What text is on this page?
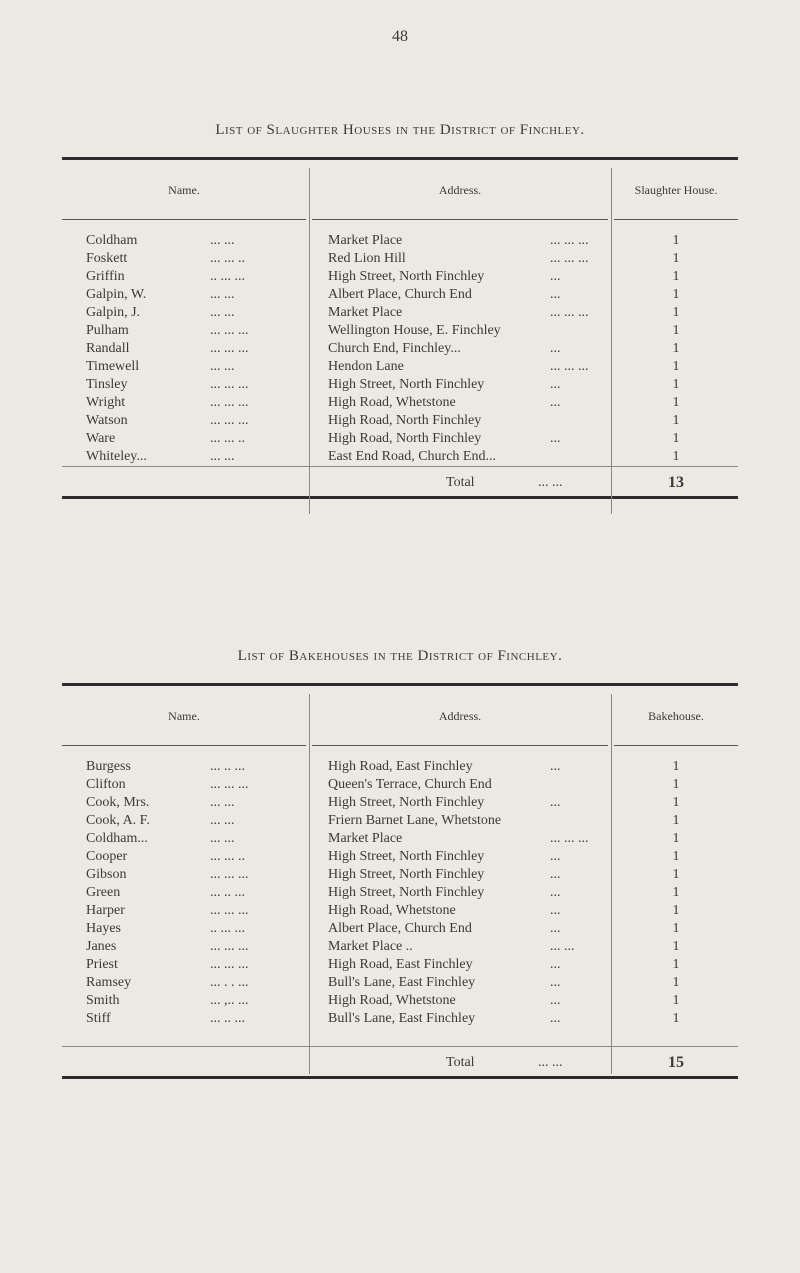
48
List of Slaughter Houses in the District of Finchley.
Name.	Address.	Slaughter House.
Coldham	... ...	Market Place	... ... ...	1
Foskett	... ... ..	Red Lion Hill	... ... ...	1
Griffin	.. ... ...	High Street, North Finchley	...	1
Galpin, W.	... ...	Albert Place, Church End	...	1
Galpin, J.	... ...	Market Place	... ... ...	1
Pulham	... ... ...	Wellington House, E. Finchley	1
Randall	... ... ...	Church End, Finchley...	...	1
Timewell	... ...	Hendon Lane	... ... ...	1
Tinsley	... ... ...	High Street, North Finchley	...	1
Wright	... ... ...	High Road, Whetstone	...	1
Watson	... ... ...	High Road, North Finchley	1
Ware	... ... ..	High Road, North Finchley	...	1
Whiteley...	... ...	East End Road, Church End...	1
Total	... ...	13
List of Bakehouses in the District of Finchley.
Name.	Address.	Bakehouse.
Burgess	... .. ...	High Road, East Finchley	...	1
Clifton	... ... ...	Queen's Terrace, Church End	1
Cook, Mrs.	... ...	High Street, North Finchley	...	1
Cook, A. F.	... ...	Friern Barnet Lane, Whetstone	1
Coldham...	... ...	Market Place	... ... ...	1
Cooper	... ... ..	High Street, North Finchley	...	1
Gibson	... ... ...	High Street, North Finchley	...	1
Green	... .. ...	High Street, North Finchley	...	1
Harper	... ... ...	High Road, Whetstone	...	1
Hayes	.. ... ...	Albert Place, Church End	...	1
Janes	... ... ...	Market Place ..	... ...	1
Priest	... ... ...	High Road, East Finchley	...	1
Ramsey	... . . ...	Bull's Lane, East Finchley	...	1
Smith	... ,.. ...	High Road, Whetstone	...	1
Stiff	... .. ...	Bull's Lane, East Finchley	...	1
Total	... ...	15
